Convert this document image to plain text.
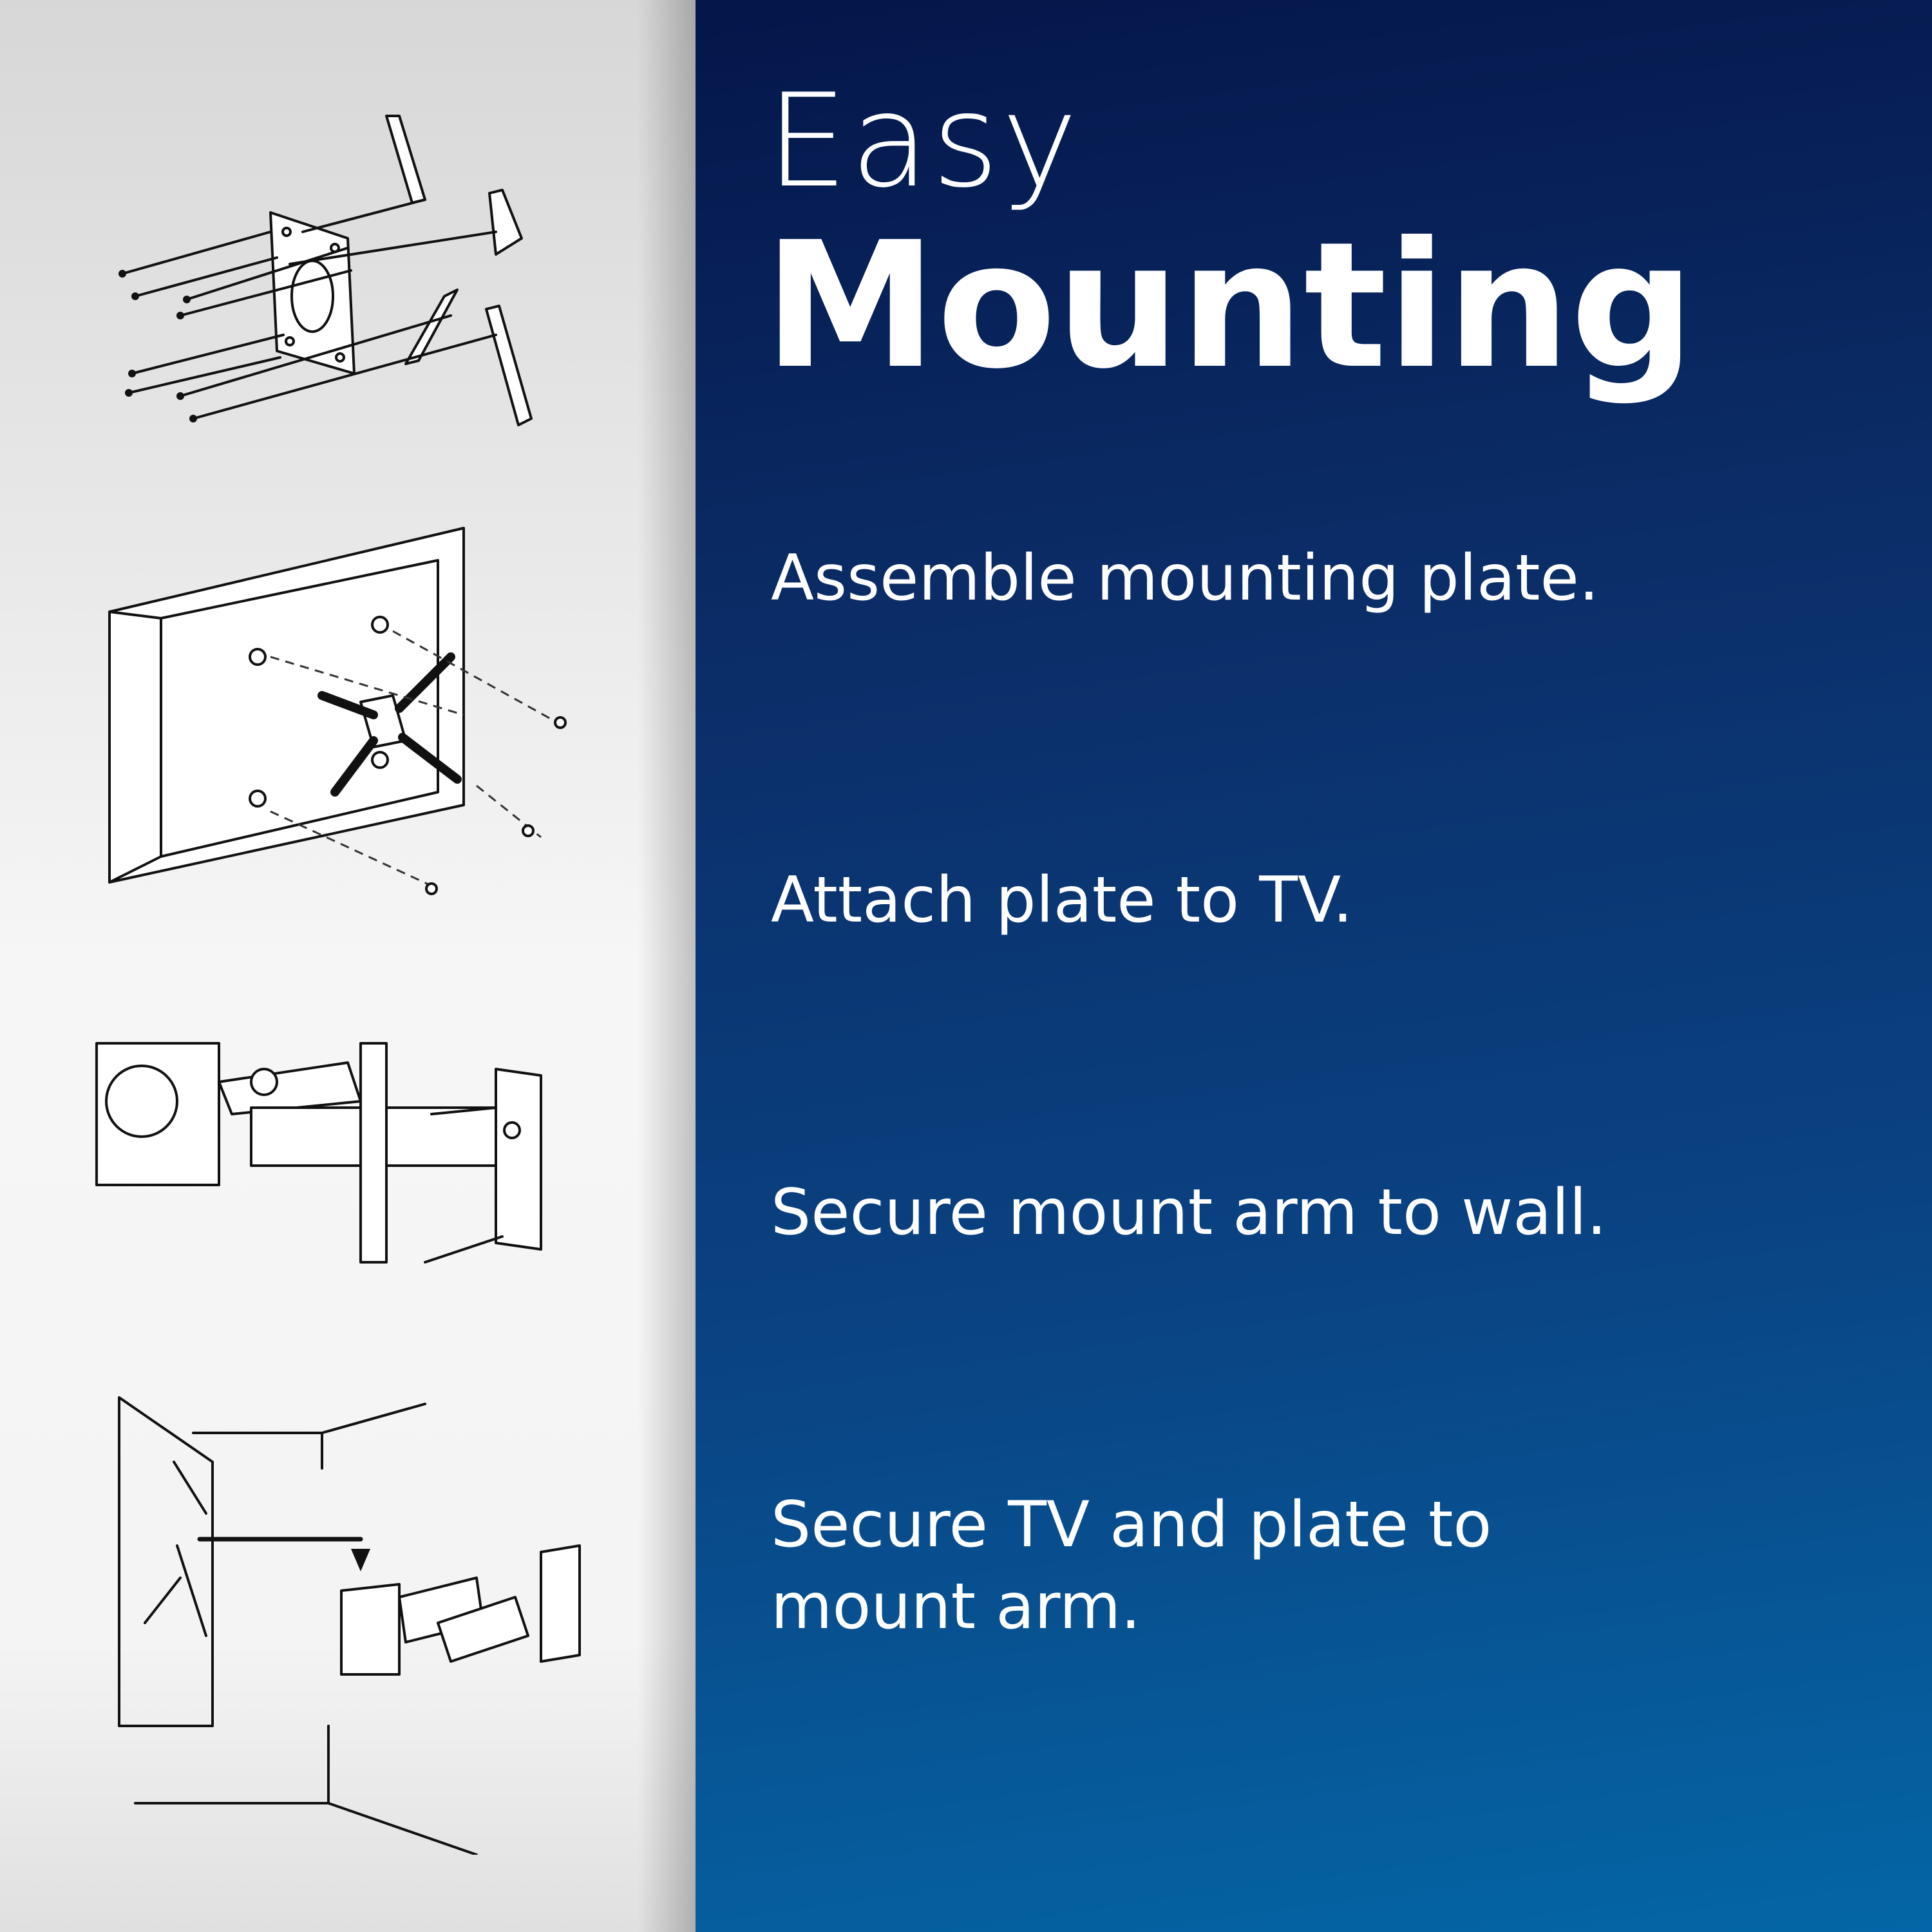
Easy
Mounting
Assemble mounting plate.
Attach plate to TV.
Secure mount arm to wall.
Secure TV and plate to mount arm.
